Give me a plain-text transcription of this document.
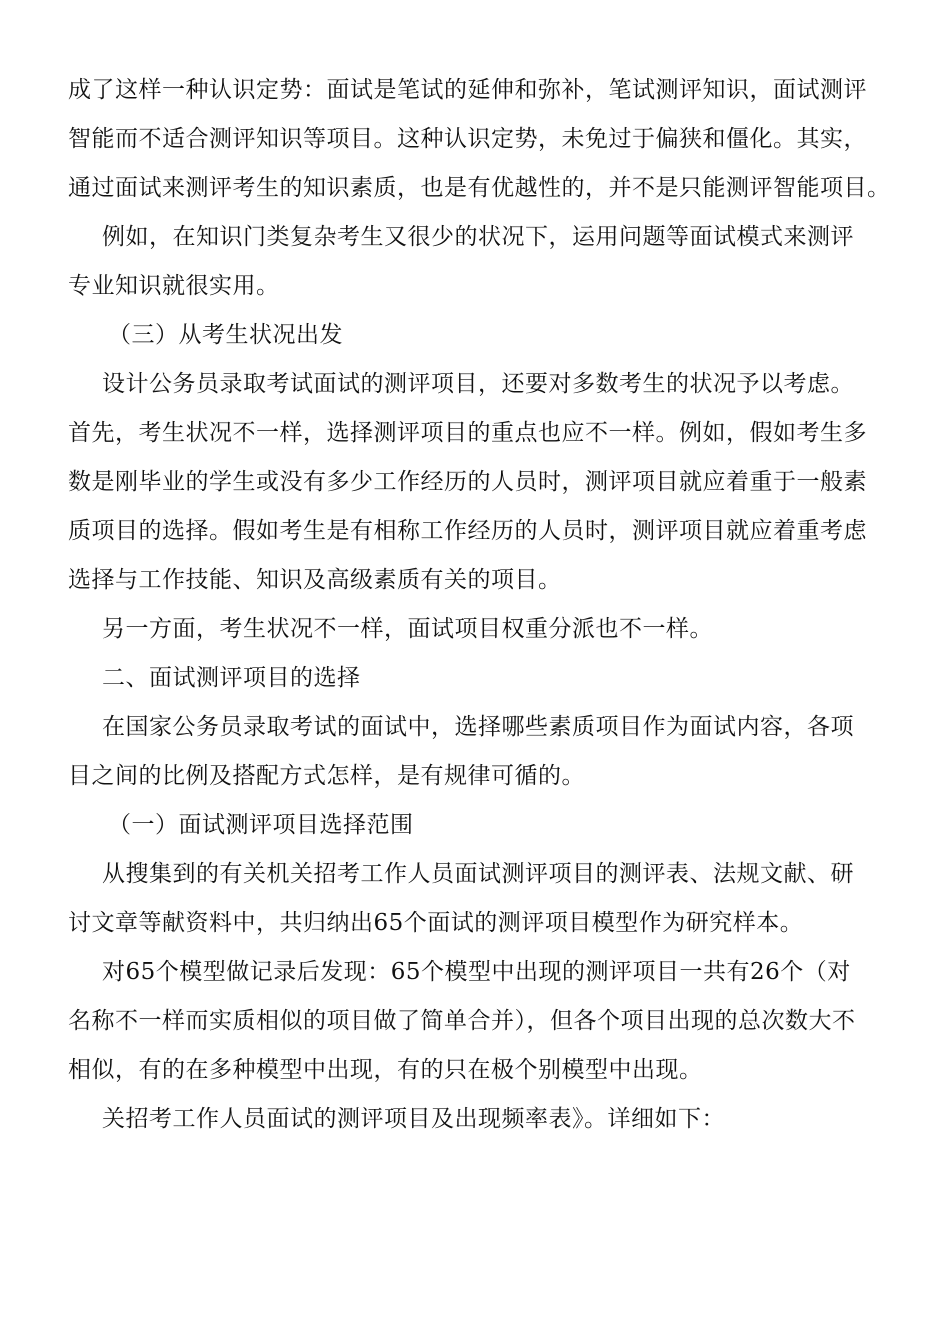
成了这样一种认识定势：面试是笔试的延伸和弥补，笔试测评知识，面试测评
智能而不适合测评知识等项目。这种认识定势，未免过于偏狭和僵化。其实，
通过面试来测评考生的知识素质，也是有优越性的，并不是只能测评智能项目。
例如，在知识门类复杂考生又很少的状况下，运用问题等面试模式来测评
专业知识就很实用。
（三）从考生状况出发
设计公务员录取考试面试的测评项目，还要对多数考生的状况予以考虑。
首先，考生状况不一样，选择测评项目的重点也应不一样。例如，假如考生多
数是刚毕业的学生或没有多少工作经历的人员时，测评项目就应着重于一般素
质项目的选择。假如考生是有相称工作经历的人员时，测评项目就应着重考虑
选择与工作技能、知识及高级素质有关的项目。
另一方面，考生状况不一样，面试项目权重分派也不一样。
二、面试测评项目的选择
在国家公务员录取考试的面试中，选择哪些素质项目作为面试内容，各项
目之间的比例及搭配方式怎样，是有规律可循的。
（一）面试测评项目选择范围
从搜集到的有关机关招考工作人员面试测评项目的测评表、法规文献、研
讨文章等献资料中，共归纳出65个面试的测评项目模型作为研究样本。
对65个模型做记录后发现：65个模型中出现的测评项目一共有26个（对
名称不一样而实质相似的项目做了简单合并），但各个项目出现的总次数大不
相似，有的在多种模型中出现，有的只在极个别模型中出现。
关招考工作人员面试的测评项目及出现频率表》。详细如下：
